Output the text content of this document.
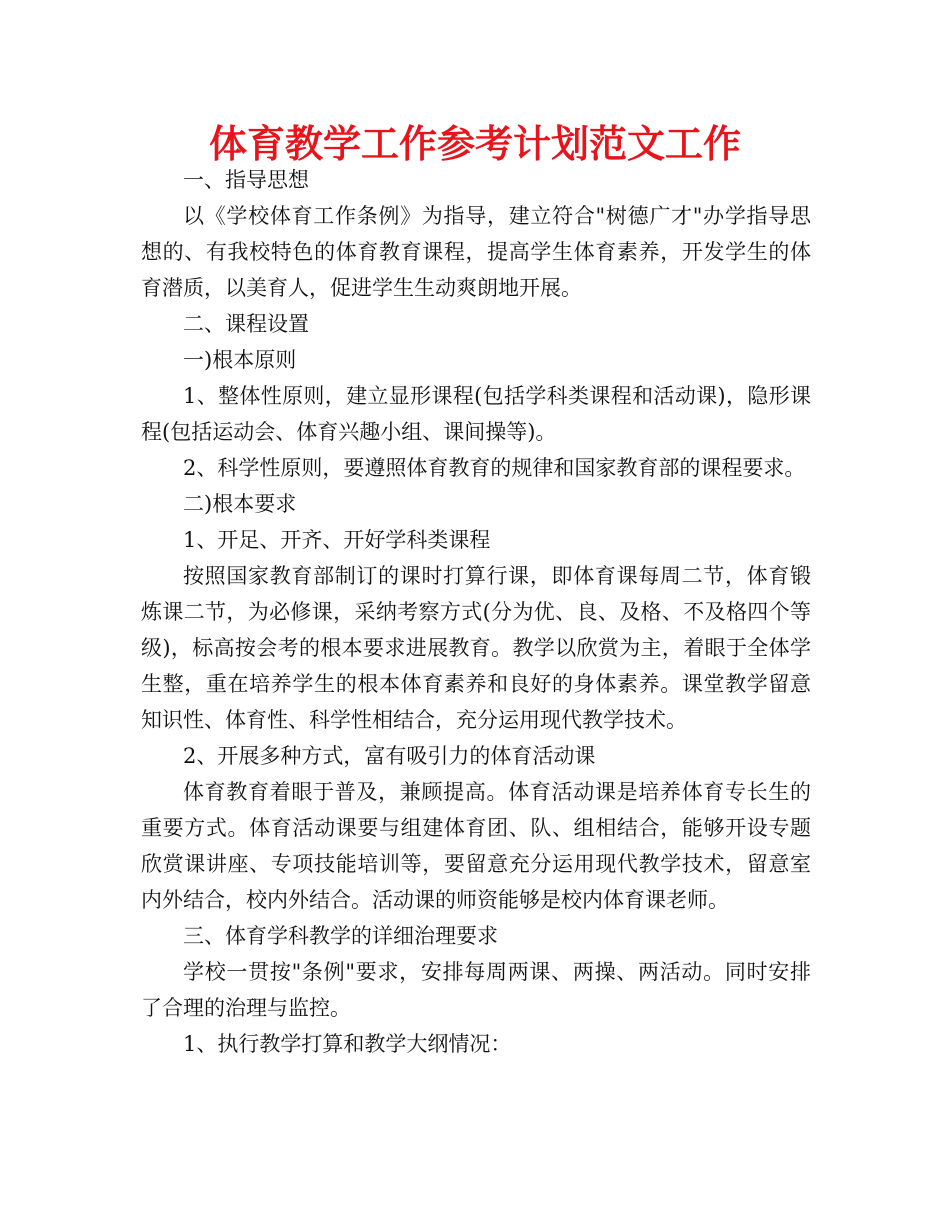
体育教学工作参考计划范文工作

一、指导思想

以《学校体育工作条例》为指导，建立符合"树德广才"办学指导思想的、有我校特色的体育教育课程，提高学生体育素养，开发学生的体育潜质，以美育人，促进学生生动爽朗地开展。

二、课程设置

一)根本原则

1、整体性原则，建立显形课程(包括学科类课程和活动课)，隐形课程(包括运动会、体育兴趣小组、课间操等)。

2、科学性原则，要遵照体育教育的规律和国家教育部的课程要求。

二)根本要求

1、开足、开齐、开好学科类课程

按照国家教育部制订的课时打算行课，即体育课每周二节，体育锻炼课二节，为必修课，采纳考察方式(分为优、良、及格、不及格四个等级)，标高按会考的根本要求进展教育。教学以欣赏为主，着眼于全体学生整，重在培养学生的根本体育素养和良好的身体素养。课堂教学留意知识性、体育性、科学性相结合，充分运用现代教学技术。

2、开展多种方式，富有吸引力的体育活动课

体育教育着眼于普及，兼顾提高。体育活动课是培养体育专长生的重要方式。体育活动课要与组建体育团、队、组相结合，能够开设专题欣赏课讲座、专项技能培训等，要留意充分运用现代教学技术，留意室内外结合，校内外结合。活动课的师资能够是校内体育课老师。

三、体育学科教学的详细治理要求

学校一贯按"条例"要求，安排每周两课、两操、两活动。同时安排了合理的治理与监控。

1、执行教学打算和教学大纲情况：
